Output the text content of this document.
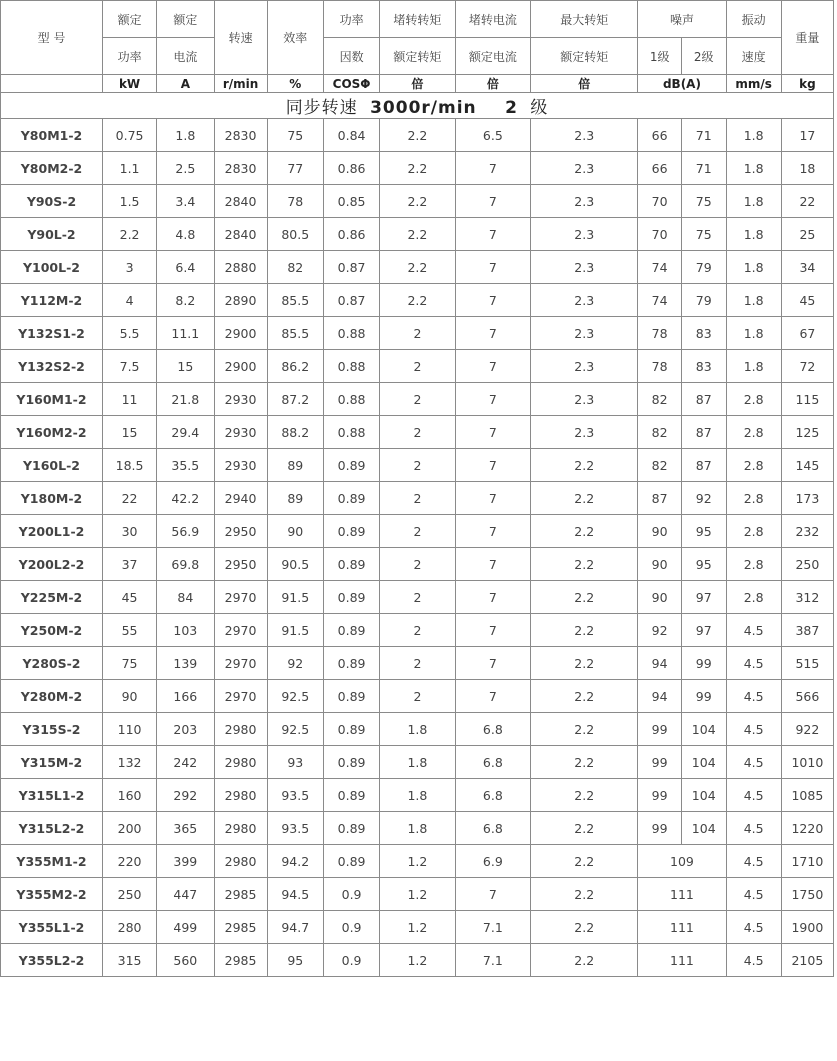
型 号	额定	额定	转速	效率	功率	堵转转矩	堵转电流	最大转矩	噪声		振动	重量
	功率	电流			因数	额定转矩	额定电流	额定转矩	1级	2级	速度	
	kW	A	r/min	%	COSΦ	倍	倍	倍	dB(A)		mm/s	kg
同步转速 3000r/min 2 级												
Y80M1-2	0.75	1.8	2830	75	0.84	2.2	6.5	2.3	66	71	1.8	17
Y80M2-2	1.1	2.5	2830	77	0.86	2.2	7	2.3	66	71	1.8	18
Y90S-2	1.5	3.4	2840	78	0.85	2.2	7	2.3	70	75	1.8	22
Y90L-2	2.2	4.8	2840	80.5	0.86	2.2	7	2.3	70	75	1.8	25
Y100L-2	3	6.4	2880	82	0.87	2.2	7	2.3	74	79	1.8	34
Y112M-2	4	8.2	2890	85.5	0.87	2.2	7	2.3	74	79	1.8	45
Y132S1-2	5.5	11.1	2900	85.5	0.88	2	7	2.3	78	83	1.8	67
Y132S2-2	7.5	15	2900	86.2	0.88	2	7	2.3	78	83	1.8	72
Y160M1-2	11	21.8	2930	87.2	0.88	2	7	2.3	82	87	2.8	115
Y160M2-2	15	29.4	2930	88.2	0.88	2	7	2.3	82	87	2.8	125
Y160L-2	18.5	35.5	2930	89	0.89	2	7	2.2	82	87	2.8	145
Y180M-2	22	42.2	2940	89	0.89	2	7	2.2	87	92	2.8	173
Y200L1-2	30	56.9	2950	90	0.89	2	7	2.2	90	95	2.8	232
Y200L2-2	37	69.8	2950	90.5	0.89	2	7	2.2	90	95	2.8	250
Y225M-2	45	84	2970	91.5	0.89	2	7	2.2	90	97	2.8	312
Y250M-2	55	103	2970	91.5	0.89	2	7	2.2	92	97	4.5	387
Y280S-2	75	139	2970	92	0.89	2	7	2.2	94	99	4.5	515
Y280M-2	90	166	2970	92.5	0.89	2	7	2.2	94	99	4.5	566
Y315S-2	110	203	2980	92.5	0.89	1.8	6.8	2.2	99	104	4.5	922
Y315M-2	132	242	2980	93	0.89	1.8	6.8	2.2	99	104	4.5	1010
Y315L1-2	160	292	2980	93.5	0.89	1.8	6.8	2.2	99	104	4.5	1085
Y315L2-2	200	365	2980	93.5	0.89	1.8	6.8	2.2	99	104	4.5	1220
Y355M1-2	220	399	2980	94.2	0.89	1.2	6.9	2.2	109		4.5	1710
Y355M2-2	250	447	2985	94.5	0.9	1.2	7	2.2	111		4.5	1750
Y355L1-2	280	499	2985	94.7	0.9	1.2	7.1	2.2	111		4.5	1900
Y355L2-2	315	560	2985	95	0.9	1.2	7.1	2.2	111		4.5	2105
